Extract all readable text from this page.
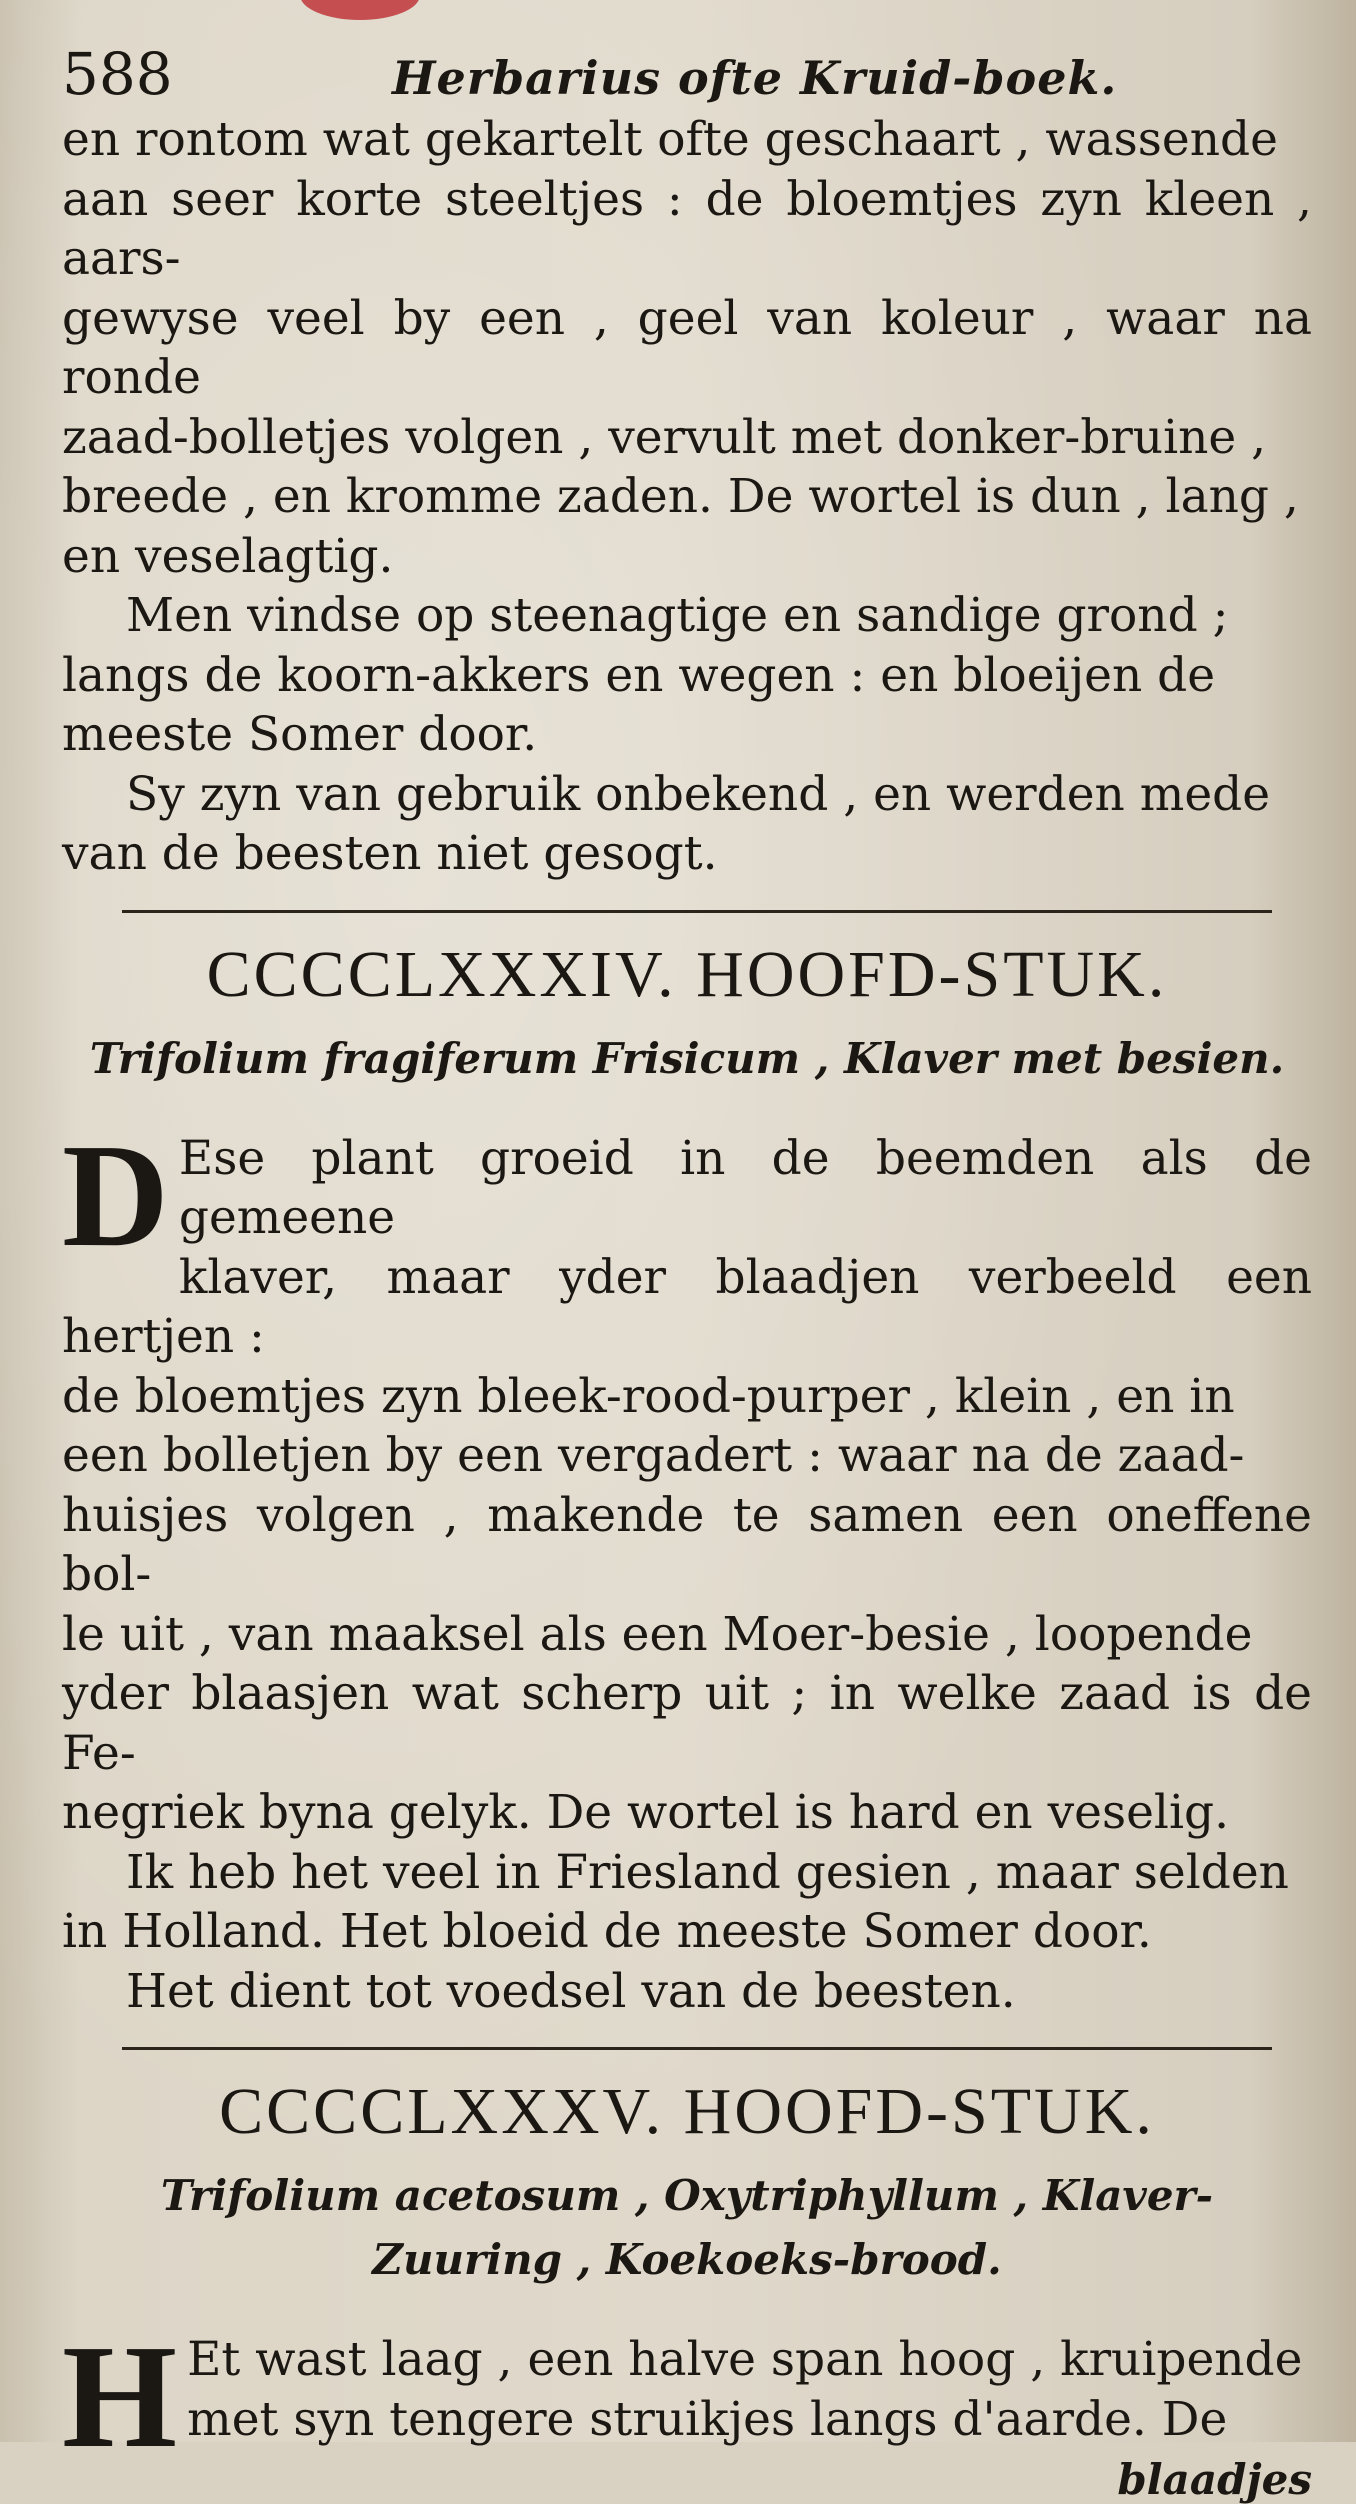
588	Herbarius ofte Kruid-boek.

en rontom wat gekartelt ofte geschaart , wassende
aan seer korte steeltjes : de bloemtjes zyn kleen , aars-
gewyse veel by een , geel van koleur , waar na ronde
zaad-bolletjes volgen , vervult met donker-bruine ,
breede , en kromme zaden. De wortel is dun , lang ,
en veselagtig.

Men vindse op steenagtige en sandige grond ;
langs de koorn-akkers en wegen : en bloeijen de
meeste Somer door.

Sy zyn van gebruik onbekend , en werden mede
van de beesten niet gesogt.

CCCCLXXXIV. HOOFD-STUK.
Trifolium fragiferum Frisicum , Klaver met besien.
D Ese plant groeid in de beemden als de gemeene
klaver, maar yder blaadjen verbeeld een hertjen :
de bloemtjes zyn bleek-rood-purper , klein , en in
een bolletjen by een vergadert : waar na de zaad-
huisjes volgen , makende te samen een oneffene bol-
le uit , van maaksel als een Moer-besie , loopende
yder blaasjen wat scherp uit ; in welke zaad is de Fe-
negriek byna gelyk. De wortel is hard en veselig.

Ik heb het veel in Friesland gesien , maar selden
in Holland. Het bloeid de meeste Somer door.

Het dient tot voedsel van de beesten.

CCCCLXXXV. HOOFD-STUK.
Trifolium acetosum , Oxytriphyllum , Klaver-
Zuuring , Koekoeks-brood.
H Et wast laag , een halve span hoog , kruipende
met syn tengere struikjes langs d'aarde. De

blaadjes
